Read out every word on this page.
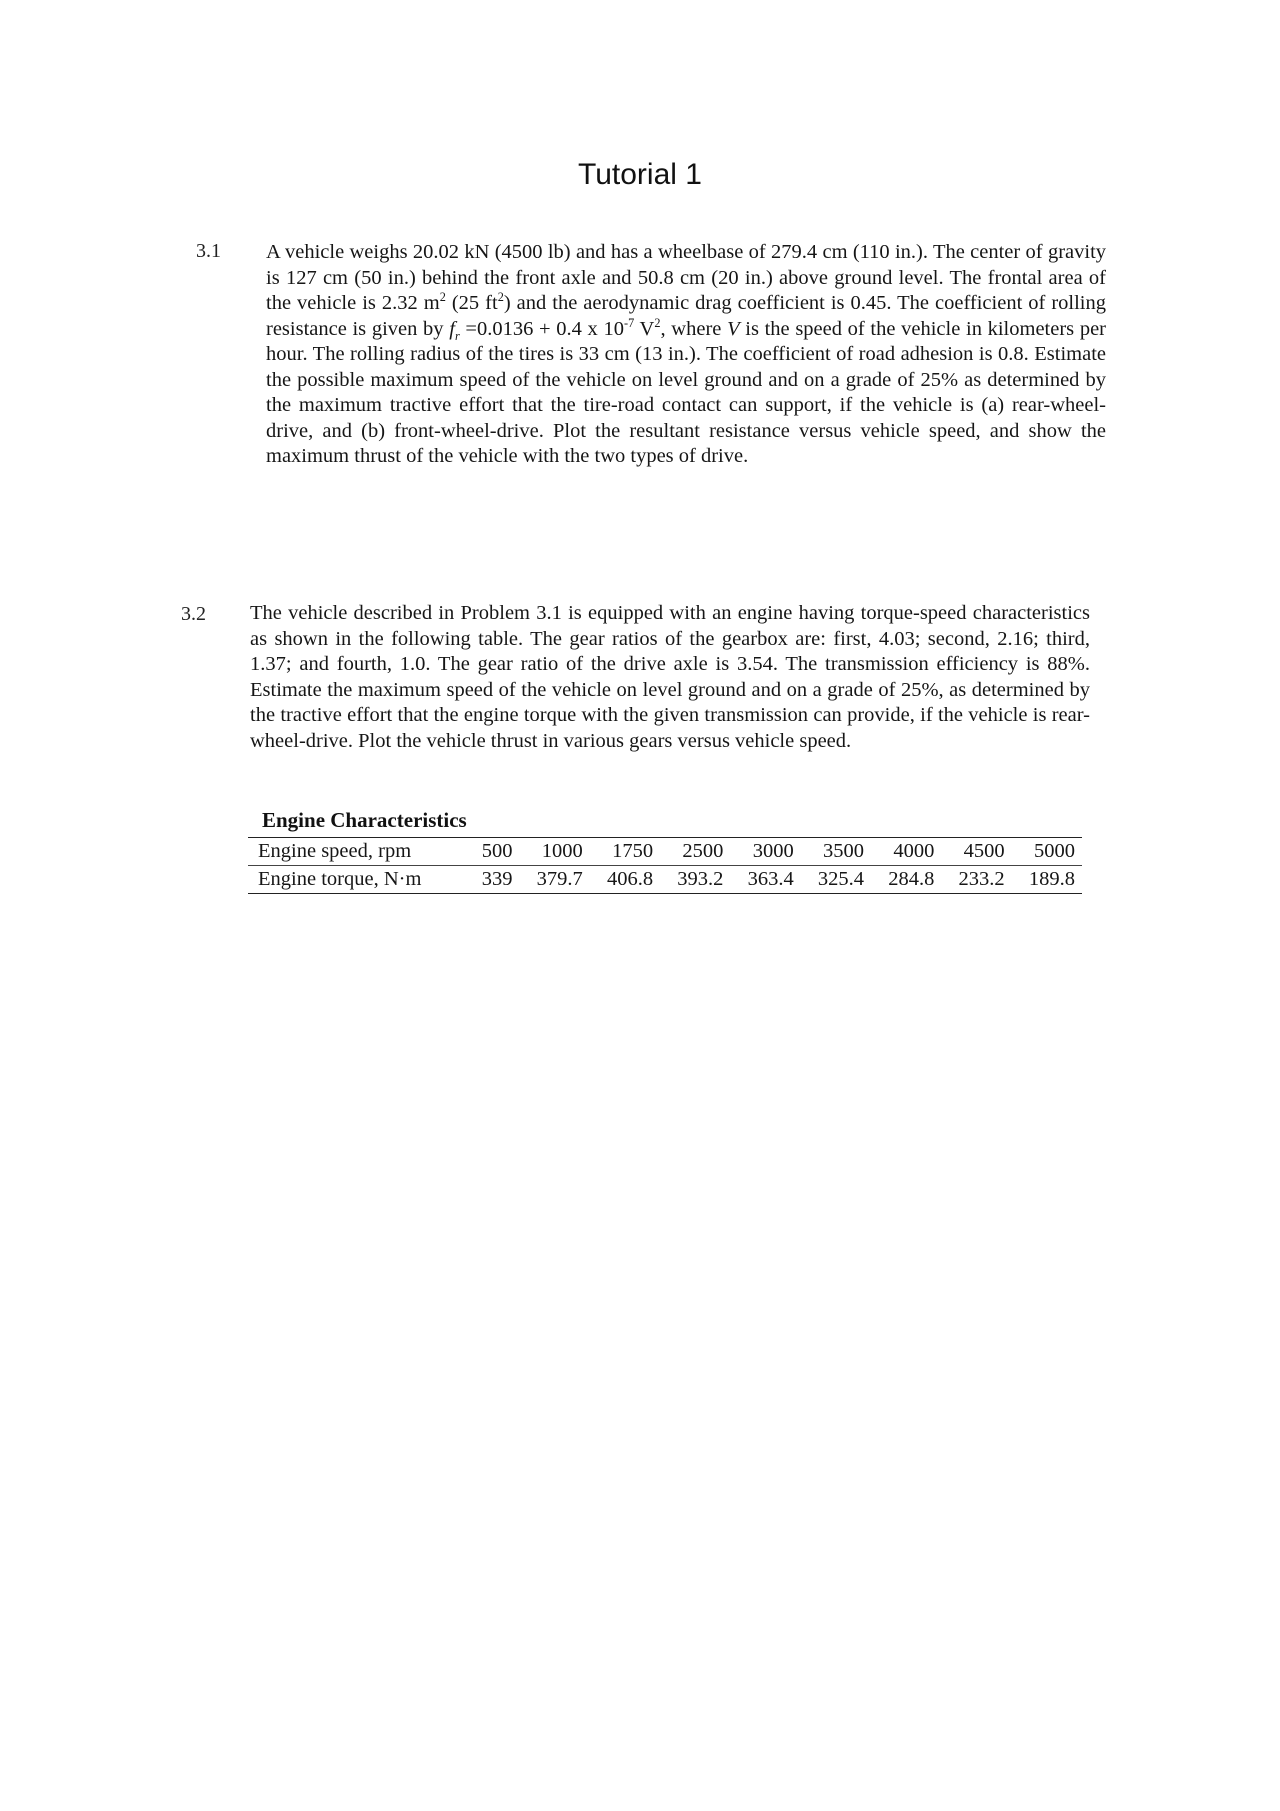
Tutorial 1
3.1 A vehicle weighs 20.02 kN (4500 lb) and has a wheelbase of 279.4 cm (110 in.). The center of gravity is 127 cm (50 in.) behind the front axle and 50.8 cm (20 in.) above ground level. The frontal area of the vehicle is 2.32 $m^2$ (25 $ft^2$) and the aerodynamic drag coefficient is 0.45. The coefficient of rolling resistance is given by $f_r =0.0136 + 0.4$ x $10^{-7}$ $V^2$, where V is the speed of the vehicle in kilometers per hour. The rolling radius of the tires is 33 cm (13 in.). The coefficient of road adhesion is 0.8. Estimate the possible maximum speed of the vehicle on level ground and on a grade of 25% as determined by the maximum tractive effort that the tire-road contact can support, if the vehicle is (a) rear-wheel-drive, and (b) front-wheel-drive. Plot the resultant resistance versus vehicle speed, and show the maximum thrust of the vehicle with the two types of drive.
3.2 The vehicle described in Problem 3.1 is equipped with an engine having torque-speed characteristics as shown in the following table. The gear ratios of the gearbox are: first, 4.03; second, 2.16; third, 1.37; and fourth, 1.0. The gear ratio of the drive axle is 3.54. The transmission efficiency is 88%. Estimate the maximum speed of the vehicle on level ground and on a grade of 25%, as determined by the tractive effort that the engine torque with the given transmission can provide, if the vehicle is rear-wheel-drive. Plot the vehicle thrust in various gears versus vehicle speed.
Engine Characteristics
Engine speed, rpm	500	1000	1750	2500	3000	3500	4000	4500	5000
Engine torque, N·m	339	379.7	406.8	393.2	363.4	325.4	284.8	233.2	189.8
